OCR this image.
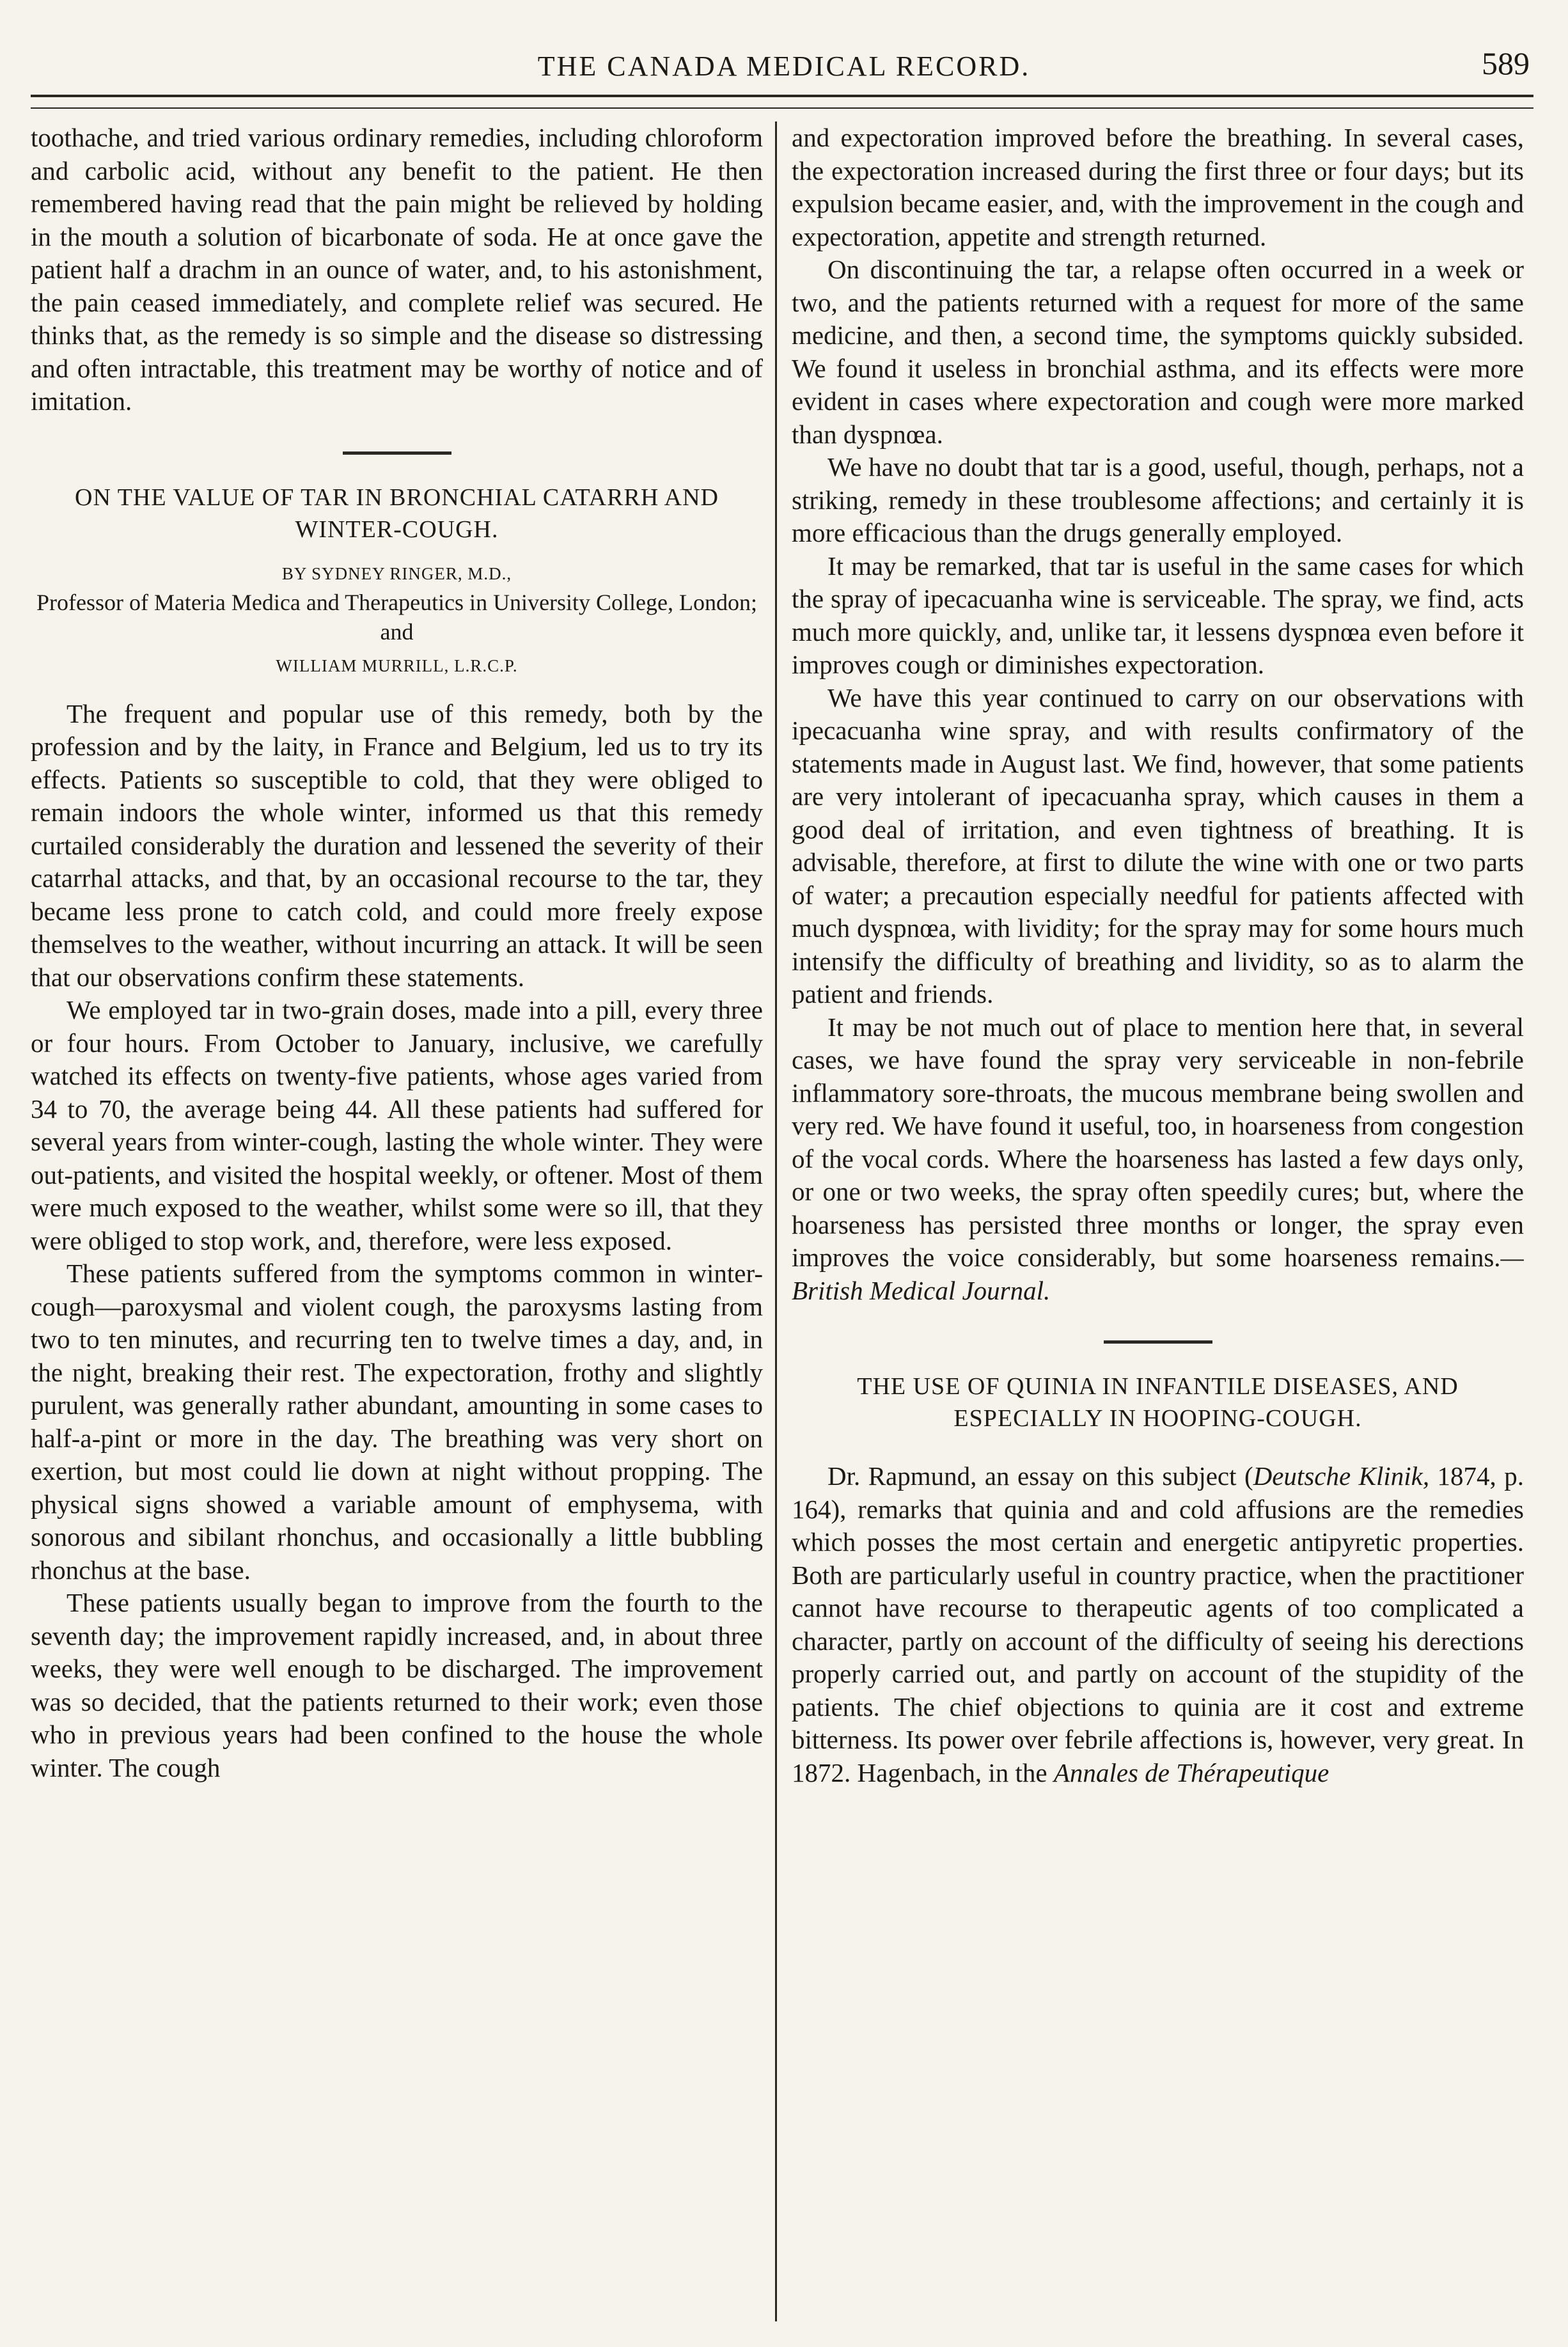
THE CANADA MEDICAL RECORD.	589

toothache, and tried various ordinary remedies, including chloroform and carbolic acid, without any benefit to the patient. He then remembered having read that the pain might be relieved by holding in the mouth a solution of bicarbonate of soda. He at once gave the patient half a drachm in an ounce of water, and, to his astonishment, the pain ceased immediately, and complete relief was secured. He thinks that, as the remedy is so simple and the disease so distressing and often intractable, this treatment may be worthy of notice and of imitation.

ON THE VALUE OF TAR IN BRONCHIAL CATARRH AND WINTER-COUGH.

BY SYDNEY RINGER, M.D.,

Professor of Materia Medica and Therapeutics in University College, London; and

WILLIAM MURRILL, L.R.C.P.

The frequent and popular use of this remedy, both by the profession and by the laity, in France and Belgium, led us to try its effects. Patients so susceptible to cold, that they were obliged to remain indoors the whole winter, informed us that this remedy curtailed considerably the duration and lessened the severity of their catarrhal attacks, and that, by an occasional recourse to the tar, they became less prone to catch cold, and could more freely expose themselves to the weather, without incurring an attack. It will be seen that our observations confirm these statements.

We employed tar in two-grain doses, made into a pill, every three or four hours. From October to January, inclusive, we carefully watched its effects on twenty-five patients, whose ages varied from 34 to 70, the average being 44. All these patients had suffered for several years from winter-cough, lasting the whole winter. They were out-patients, and visited the hospital weekly, or oftener. Most of them were much exposed to the weather, whilst some were so ill, that they were obliged to stop work, and, therefore, were less exposed.

These patients suffered from the symptoms common in winter-cough—paroxysmal and violent cough, the paroxysms lasting from two to ten minutes, and recurring ten to twelve times a day, and, in the night, breaking their rest. The expectoration, frothy and slightly purulent, was generally rather abundant, amounting in some cases to half-a-pint or more in the day. The breathing was very short on exertion, but most could lie down at night without propping. The physical signs showed a variable amount of emphysema, with sonorous and sibilant rhonchus, and occasionally a little bubbling rhonchus at the base.

These patients usually began to improve from the fourth to the seventh day; the improvement rapidly increased, and, in about three weeks, they were well enough to be discharged. The improvement was so decided, that the patients returned to their work; even those who in previous years had been confined to the house the whole winter. The cough

and expectoration improved before the breathing. In several cases, the expectoration increased during the first three or four days; but its expulsion became easier, and, with the improvement in the cough and expectoration, appetite and strength returned.

On discontinuing the tar, a relapse often occurred in a week or two, and the patients returned with a request for more of the same medicine, and then, a second time, the symptoms quickly subsided. We found it useless in bronchial asthma, and its effects were more evident in cases where expectoration and cough were more marked than dyspnœa.

We have no doubt that tar is a good, useful, though, perhaps, not a striking, remedy in these troublesome affections; and certainly it is more efficacious than the drugs generally employed.

It may be remarked, that tar is useful in the same cases for which the spray of ipecacuanha wine is serviceable. The spray, we find, acts much more quickly, and, unlike tar, it lessens dyspnœa even before it improves cough or diminishes expectoration.

We have this year continued to carry on our observations with ipecacuanha wine spray, and with results confirmatory of the statements made in August last. We find, however, that some patients are very intolerant of ipecacuanha spray, which causes in them a good deal of irritation, and even tightness of breathing. It is advisable, therefore, at first to dilute the wine with one or two parts of water; a precaution especially needful for patients affected with much dyspnœa, with lividity; for the spray may for some hours much intensify the difficulty of breathing and lividity, so as to alarm the patient and friends.

It may be not much out of place to mention here that, in several cases, we have found the spray very serviceable in non-febrile inflammatory sore-throats, the mucous membrane being swollen and very red. We have found it useful, too, in hoarseness from congestion of the vocal cords. Where the hoarseness has lasted a few days only, or one or two weeks, the spray often speedily cures; but, where the hoarseness has persisted three months or longer, the spray even improves the voice considerably, but some hoarseness remains.—British Medical Journal.

THE USE OF QUINIA IN INFANTILE DISEASES, AND ESPECIALLY IN HOOPING-COUGH.

Dr. Rapmund, an essay on this subject (Deutsche Klinik, 1874, p. 164), remarks that quinia and and cold affusions are the remedies which posses the most certain and energetic antipyretic properties. Both are particularly useful in country practice, when the practitioner cannot have recourse to therapeutic agents of too complicated a character, partly on account of the difficulty of seeing his derections properly carried out, and partly on account of the stupidity of the patients. The chief objections to quinia are it cost and extreme bitterness. Its power over febrile affections is, however, very great. In 1872. Hagenbach, in the Annales de Thérapeutique
